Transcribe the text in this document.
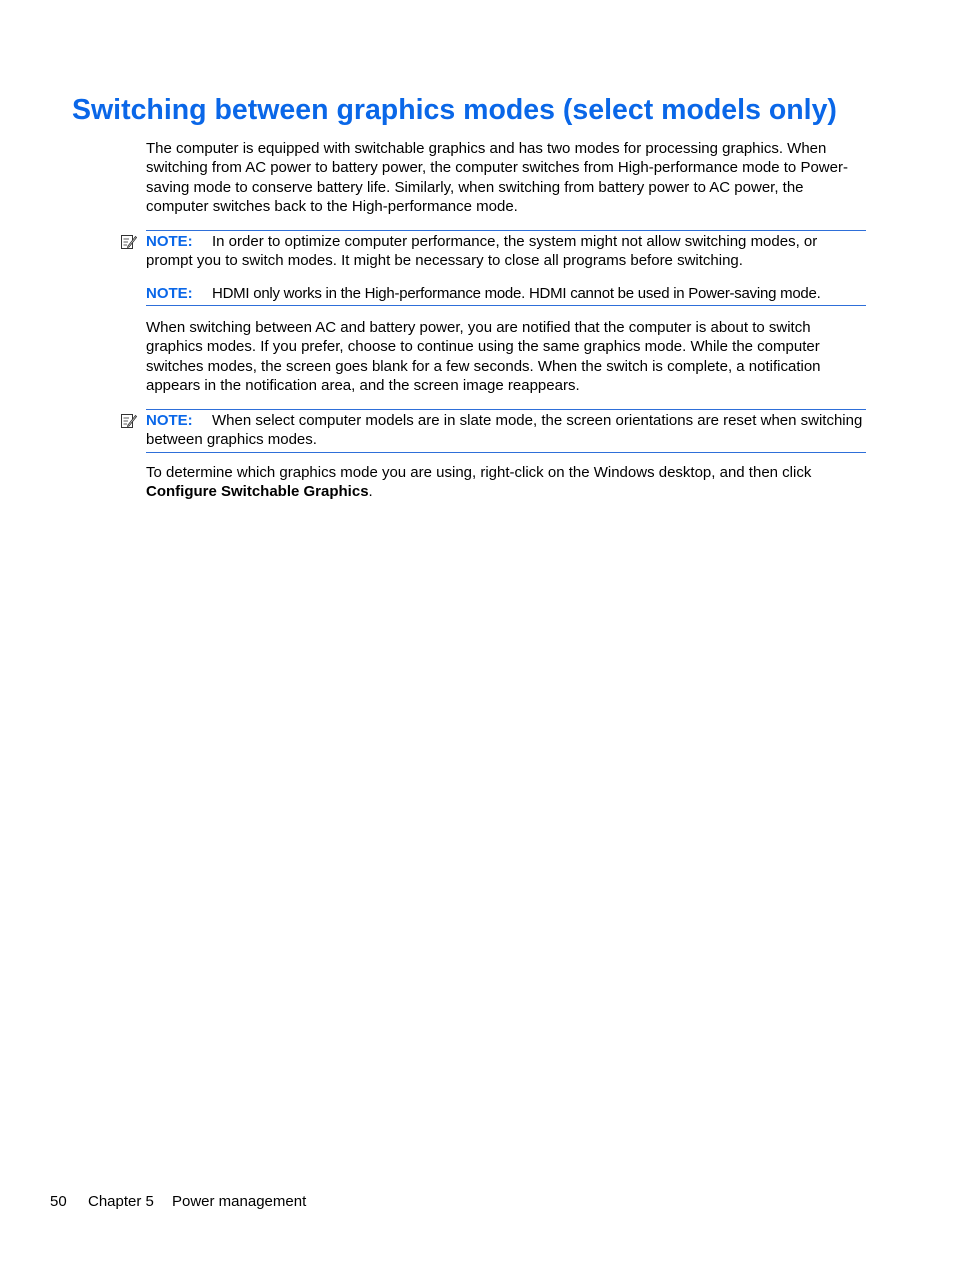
Switching between graphics modes (select models only)

The computer is equipped with switchable graphics and has two modes for processing graphics. When switching from AC power to battery power, the computer switches from High-performance mode to Power-saving mode to conserve battery life. Similarly, when switching from battery power to AC power, the computer switches back to the High-performance mode.

NOTE: In order to optimize computer performance, the system might not allow switching modes, or prompt you to switch modes. It might be necessary to close all programs before switching.
NOTE: HDMI only works in the High-performance mode. HDMI cannot be used in Power-saving mode.

When switching between AC and battery power, you are notified that the computer is about to switch graphics modes. If you prefer, choose to continue using the same graphics mode. While the computer switches modes, the screen goes blank for a few seconds. When the switch is complete, a notification appears in the notification area, and the screen image reappears.

NOTE: When select computer models are in slate mode, the screen orientations are reset when switching between graphics modes.

To determine which graphics mode you are using, right-click on the Windows desktop, and then click Configure Switchable Graphics.

50 Chapter 5 Power management
